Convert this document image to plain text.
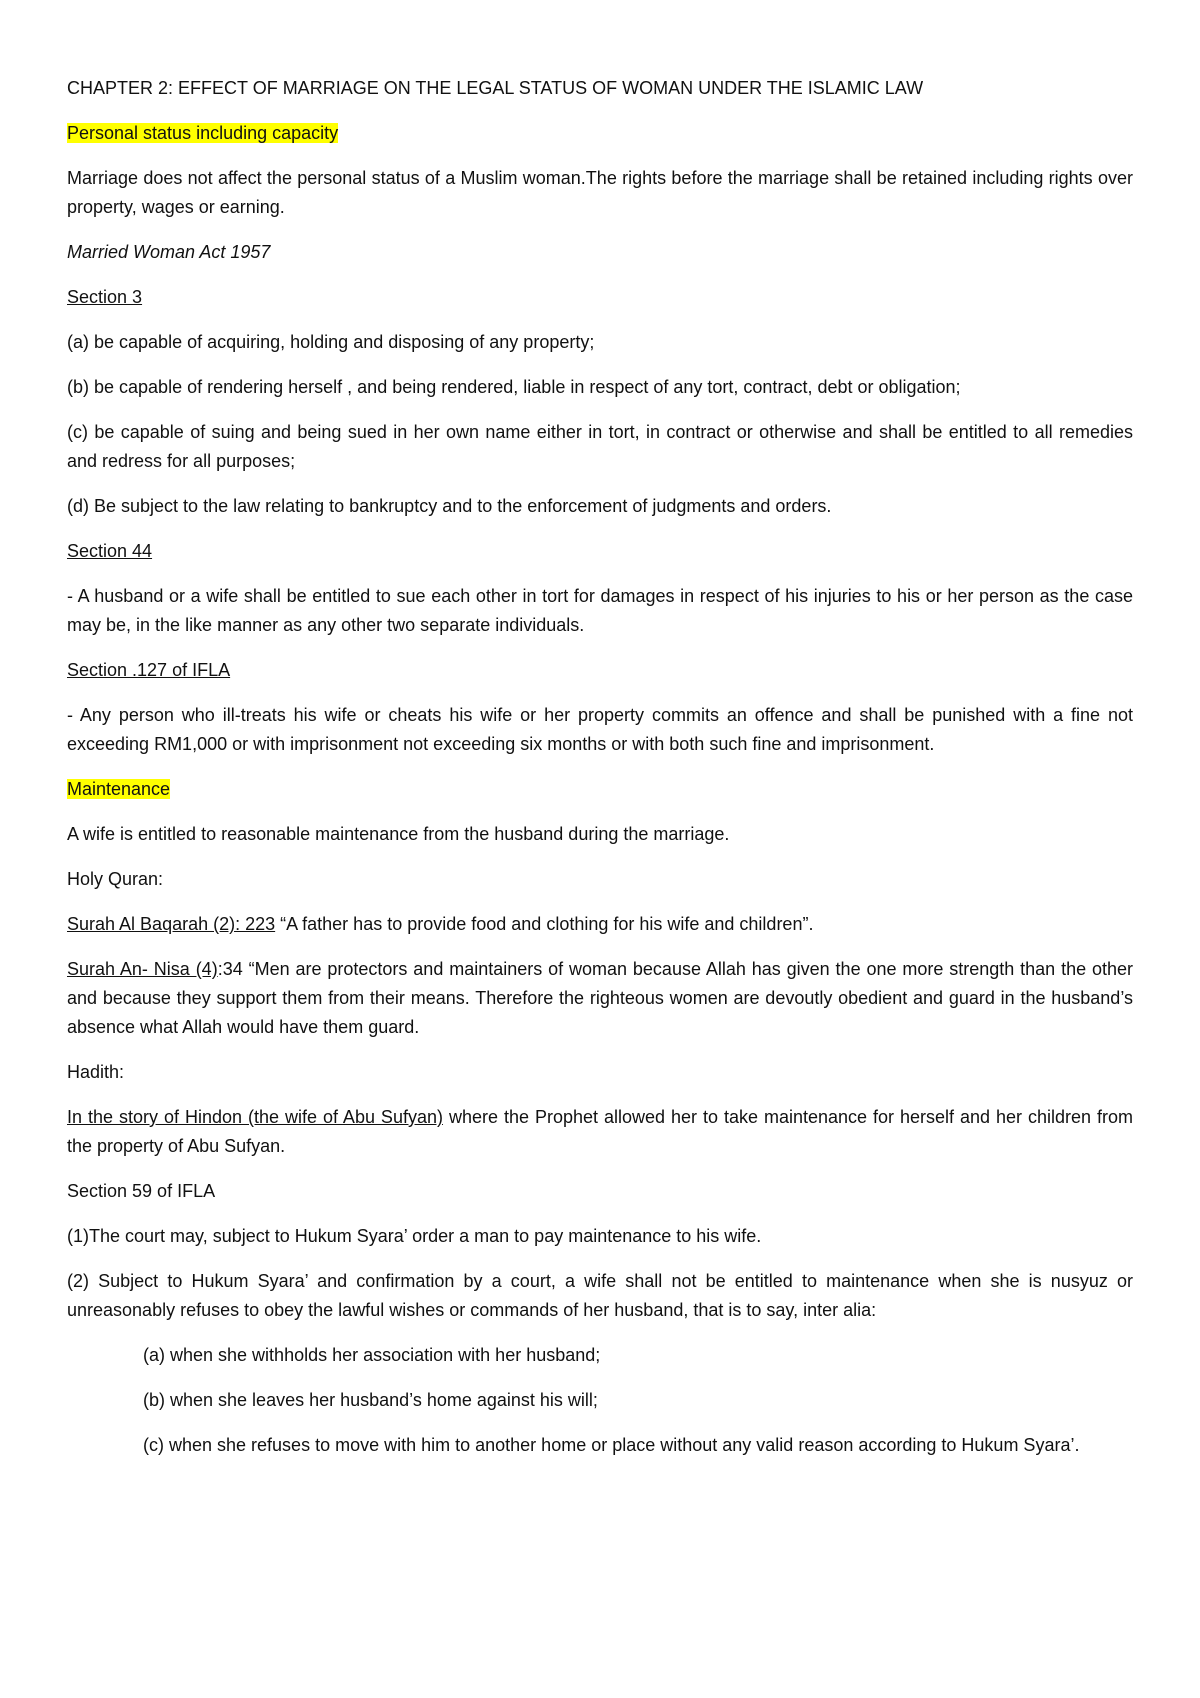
CHAPTER 2: EFFECT OF MARRIAGE ON THE LEGAL STATUS OF WOMAN UNDER THE ISLAMIC LAW

Personal status including capacity

Marriage does not affect the personal status of a Muslim woman.The rights before the marriage shall be retained including rights over property, wages or earning.

Married Woman Act 1957

Section 3

(a) be capable of acquiring, holding and disposing of any property;

(b) be capable of rendering herself , and being rendered, liable in respect of any tort, contract, debt or obligation;

(c) be capable of suing and being sued in her own name either in tort, in contract or otherwise and shall be entitled to all remedies and redress for all purposes;

(d) Be subject to the law relating to bankruptcy and to the enforcement of judgments and orders.

Section 44

- A husband or a wife shall be entitled to sue each other in tort for damages in respect of his injuries to his or her person as the case may be, in the like manner as any other two separate individuals.

Section .127 of IFLA

- Any person who ill-treats his wife or cheats his wife or her property commits an offence and shall be punished with a fine not exceeding RM1,000 or with imprisonment not exceeding six months or with both such fine and imprisonment.

Maintenance

A wife is entitled to reasonable maintenance from the husband during the marriage.

Holy Quran:

Surah Al Baqarah (2): 223 “A father has to provide food and clothing for his wife and children”.

Surah An- Nisa (4):34 “Men are protectors and maintainers of woman because Allah has given the one more strength than the other and because they support them from their means. Therefore the righteous women are devoutly obedient and guard in the husband’s absence what Allah would have them guard.

Hadith:

In the story of Hindon (the wife of Abu Sufyan) where the Prophet allowed her to take maintenance for herself and her children from the property of Abu Sufyan.

Section 59 of IFLA

(1)The court may, subject to Hukum Syara’ order a man to pay maintenance to his wife.

(2) Subject to Hukum Syara’ and confirmation by a court, a wife shall not be entitled to maintenance when she is nusyuz or unreasonably refuses to obey the lawful wishes or commands of her husband, that is to say, inter alia:

(a) when she withholds her association with her husband;

(b) when she leaves her husband’s home against his will;

(c) when she refuses to move with him to another home or place without any valid reason according to Hukum Syara’.
